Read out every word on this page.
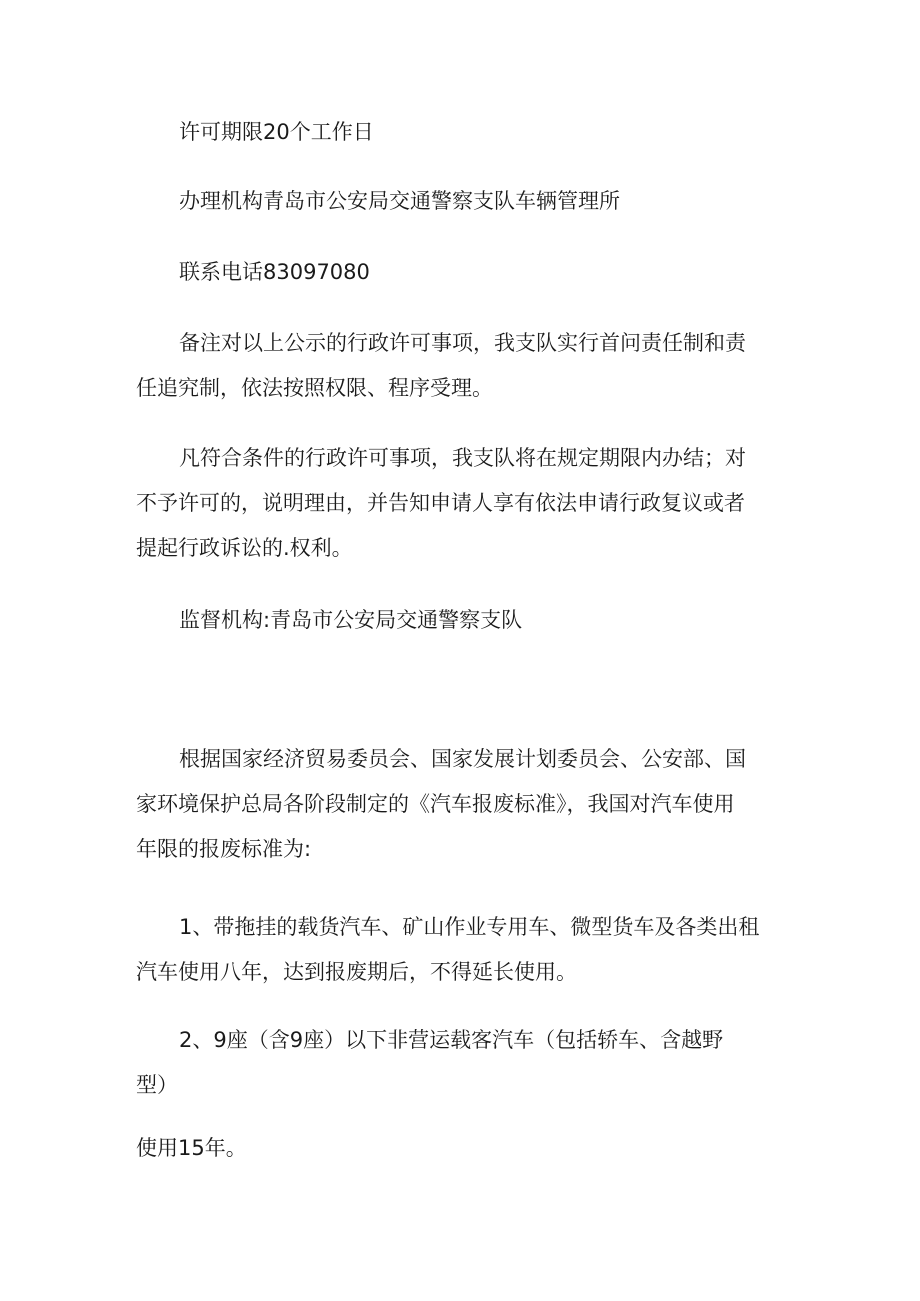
许可期限20个工作日

办理机构青岛市公安局交通警察支队车辆管理所

联系电话83097080

备注对以上公示的行政许可事项，我支队实行首问责任制和责
任追究制，依法按照权限、程序受理。

凡符合条件的行政许可事项，我支队将在规定期限内办结；对
不予许可的，说明理由，并告知申请人享有依法申请行政复议或者
提起行政诉讼的.权利。

监督机构:青岛市公安局交通警察支队

根据国家经济贸易委员会、国家发展计划委员会、公安部、国
家环境保护总局各阶段制定的《汽车报废标准》，我国对汽车使用
年限的报废标准为:

1、带拖挂的载货汽车、矿山作业专用车、微型货车及各类出租
汽车使用八年，达到报废期后，不得延长使用。

2、9座（含9座）以下非营运载客汽车（包括轿车、含越野
型）

使用15年。
